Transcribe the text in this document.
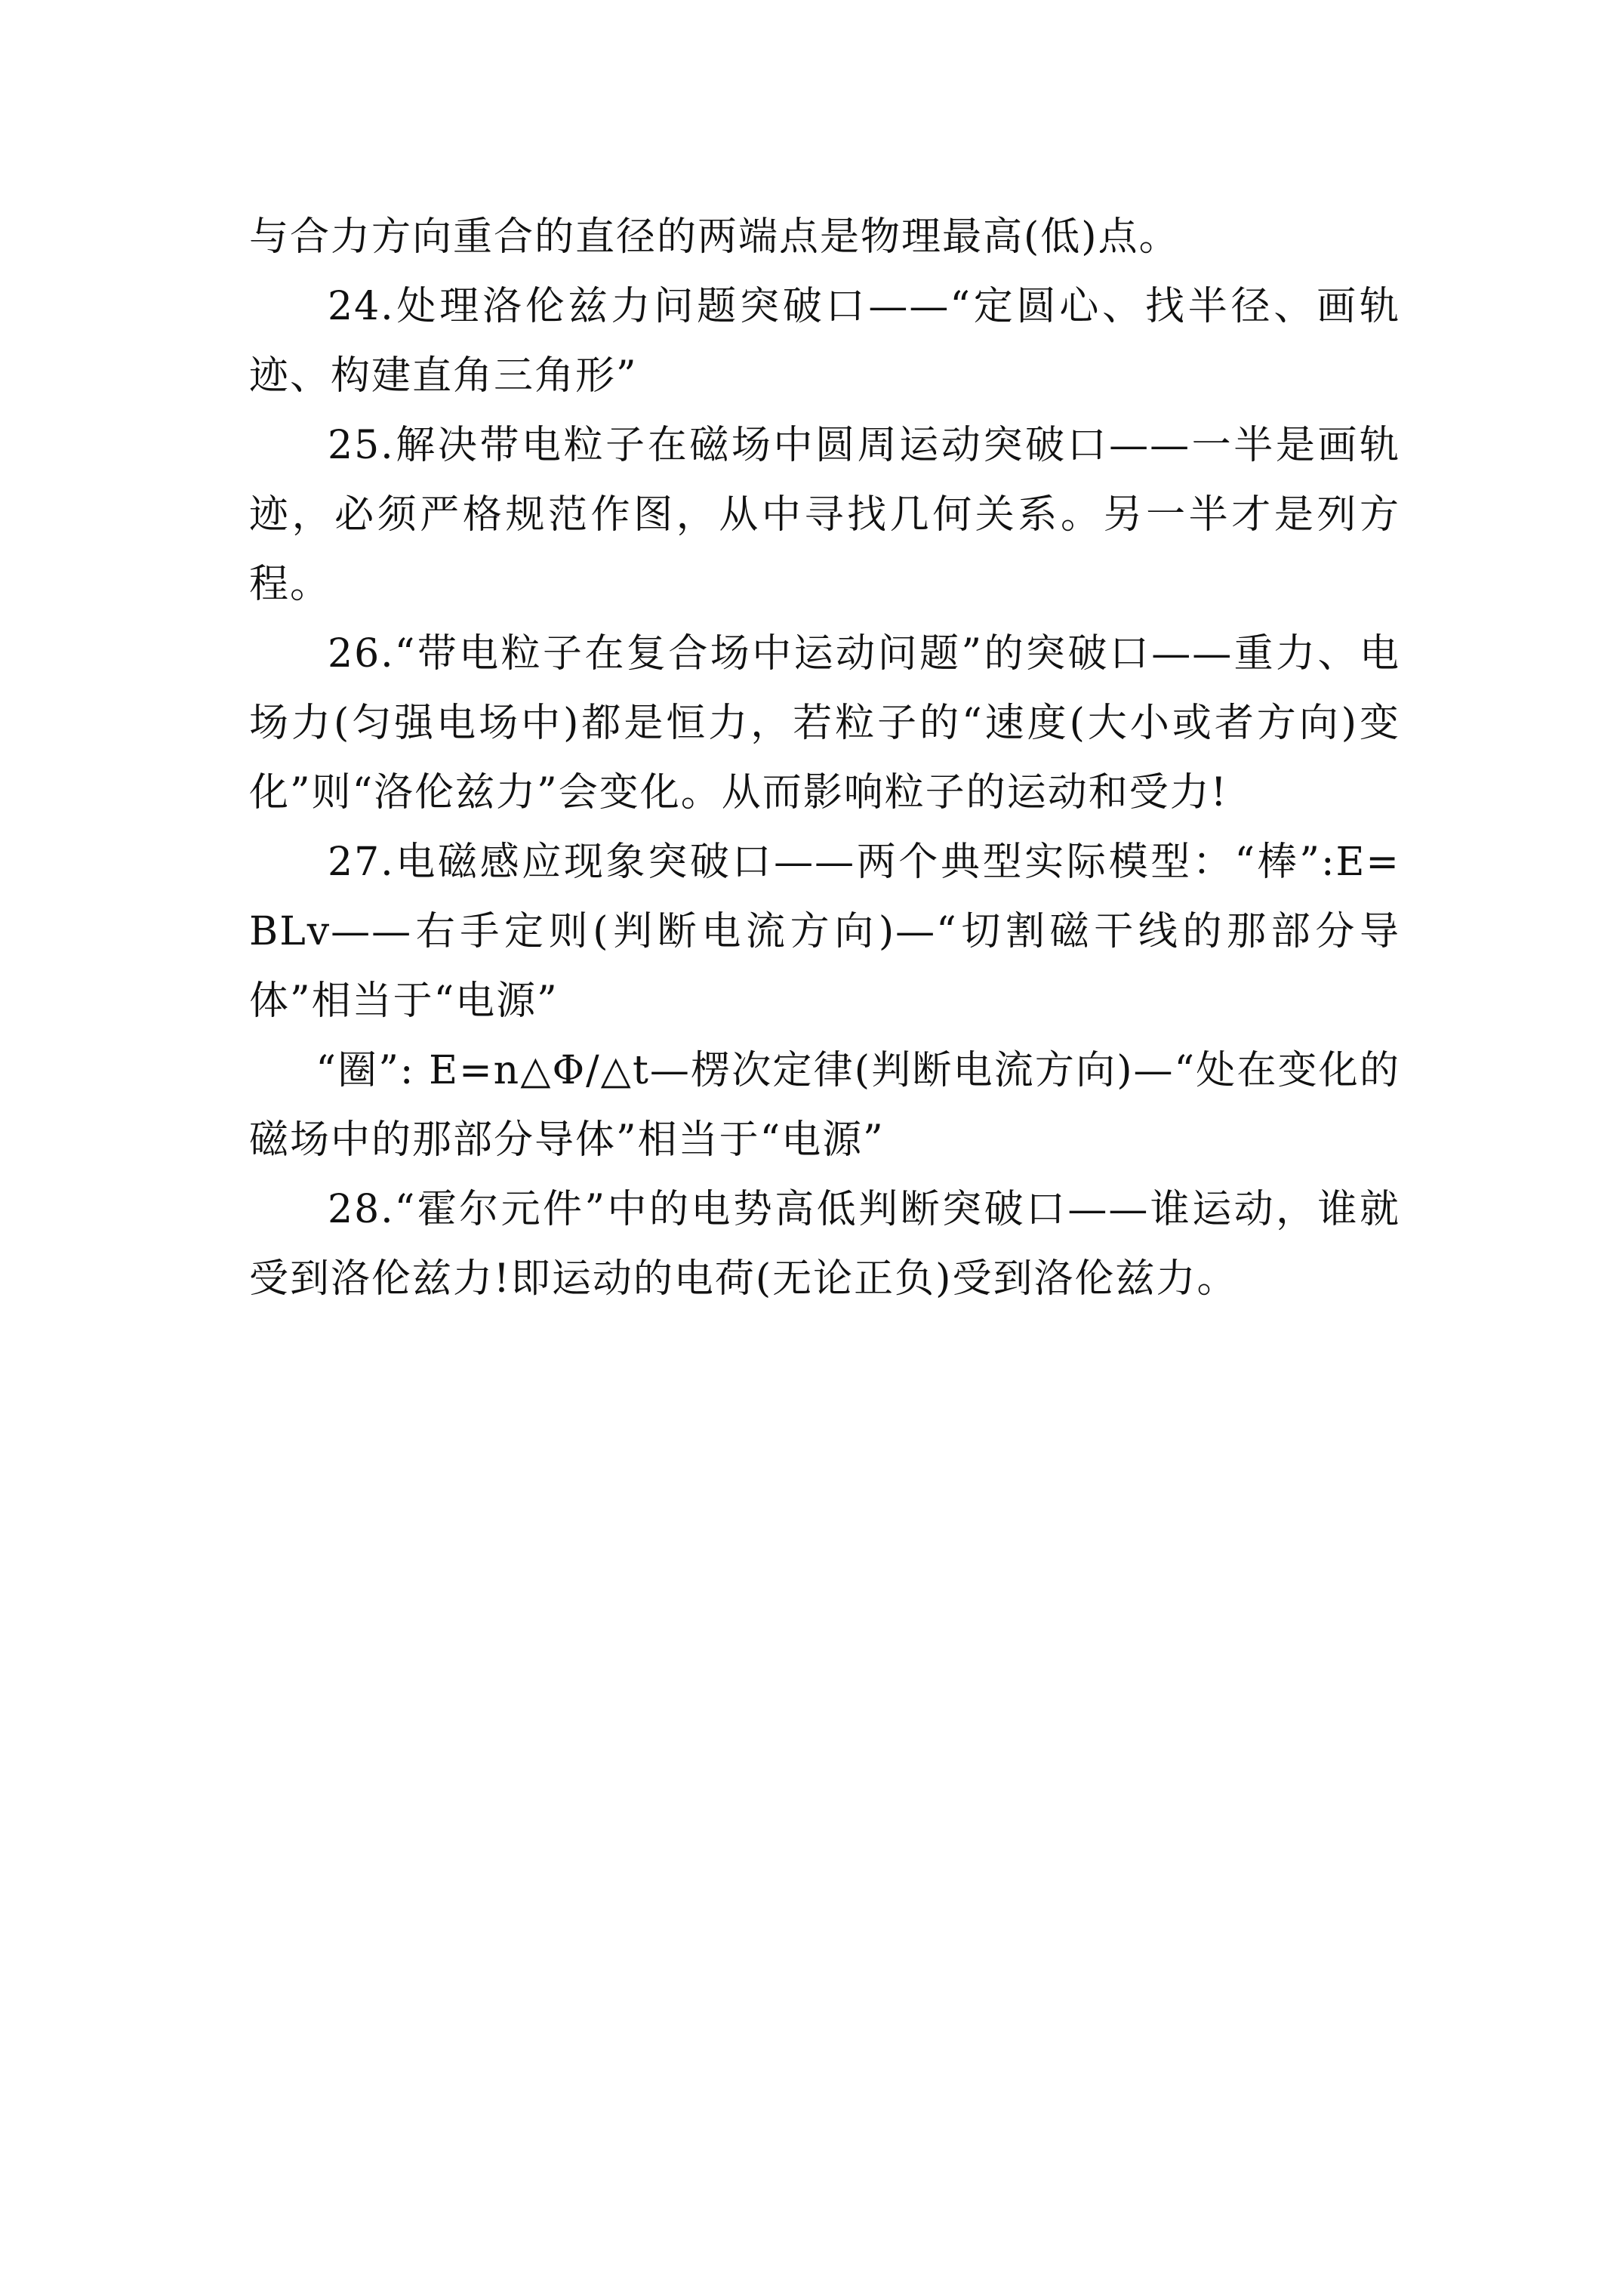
与合力方向重合的直径的两端点是物理最高(低)点。

24.处理洛伦兹力问题突破口——“定圆心、找半径、画轨迹、构建直角三角形”

25.解决带电粒子在磁场中圆周运动突破口——一半是画轨迹，必须严格规范作图，从中寻找几何关系。另一半才是列方程。

26.“带电粒子在复合场中运动问题”的突破口——重力、电场力(匀强电场中)都是恒力，若粒子的“速度(大小或者方向)变化”则“洛伦兹力”会变化。从而影响粒子的运动和受力!

27.电磁感应现象突破口——两个典型实际模型：“棒”:E=BLv——右手定则(判断电流方向)—“切割磁干线的那部分导体”相当于“电源”

“圈”: E=n△Φ/△t—楞次定律(判断电流方向)—“处在变化的磁场中的那部分导体”相当于“电源”

28.“霍尔元件”中的电势高低判断突破口——谁运动，谁就受到洛伦兹力!即运动的电荷(无论正负)受到洛伦兹力。
